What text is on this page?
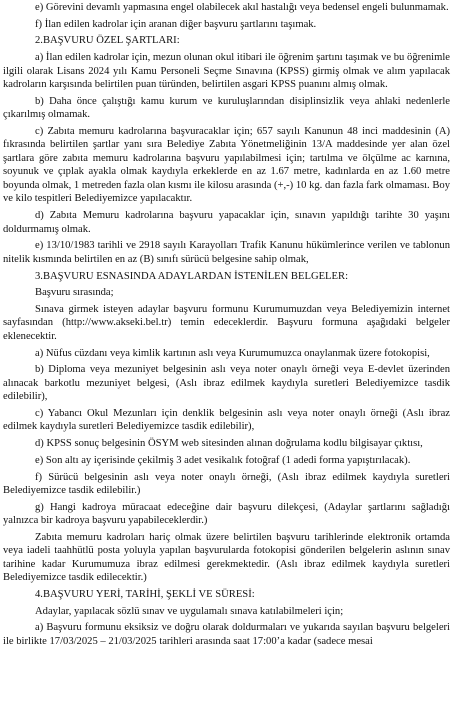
e) Görevini devamlı yapmasına engel olabilecek akıl hastalığı veya bedensel engeli bulunmamak.

f) İlan edilen kadrolar için aranan diğer başvuru şartlarını taşımak.

2.BAŞVURU ÖZEL ŞARTLARI:

a) İlan edilen kadrolar için, mezun olunan okul itibari ile öğrenim şartını taşımak ve bu öğrenimle ilgili olarak Lisans 2024 yılı Kamu Personeli Seçme Sınavına (KPSS) girmiş olmak ve alım yapılacak kadroların karşısında belirtilen puan türünden, belirtilen asgari KPSS puanını almış olmak.

b) Daha önce çalıştığı kamu kurum ve kuruluşlarından disiplinsizlik veya ahlaki nedenlerle çıkarılmış olmamak.

c) Zabıta memuru kadrolarına başvuracaklar için; 657 sayılı Kanunun 48 inci maddesinin (A) fıkrasında belirtilen şartlar yanı sıra Belediye Zabıta Yönetmeliğinin 13/A maddesinde yer alan özel şartlara göre zabıta memuru kadrolarına başvuru yapılabilmesi için; tartılma ve ölçülme ac karnına, soyunuk ve çıplak ayakla olmak kaydıyla erkeklerde en az 1.67 metre, kadınlarda en az 1.60 metre boyunda olmak, 1 metreden fazla olan kısmı ile kilosu arasında (+,-) 10 kg. dan fazla fark olmaması. Boy ve kilo tespitleri Belediyemizce yapılacaktır.

d) Zabıta Memuru kadrolarına başvuru yapacaklar için, sınavın yapıldığı tarihte 30 yaşını doldurmamış olmak.

e) 13/10/1983 tarihli ve 2918 sayılı Karayolları Trafik Kanunu hükümlerince verilen ve tablonun nitelik kısmında belirtilen en az (B) sınıfı sürücü belgesine sahip olmak,

3.BAŞVURU ESNASINDA ADAYLARDAN İSTENİLEN BELGELER:

Başvuru sırasında;

Sınava girmek isteyen adaylar başvuru formunu Kurumumuzdan veya Belediyemizin internet sayfasından (http://www.akseki.bel.tr) temin edeceklerdir. Başvuru formuna aşağıdaki belgeler eklenecektir.

a) Nüfus cüzdanı veya kimlik kartının aslı veya Kurumumuzca onaylanmak üzere fotokopisi,

b) Diploma veya mezuniyet belgesinin aslı veya noter onaylı örneği veya E-devlet üzerinden alınacak barkotlu mezuniyet belgesi, (Aslı ibraz edilmek kaydıyla suretleri Belediyemizce tasdik edilebilir),

c) Yabancı Okul Mezunları için denklik belgesinin aslı veya noter onaylı örneği (Aslı ibraz edilmek kaydıyla suretleri Belediyemizce tasdik edilebilir),

d) KPSS sonuç belgesinin ÖSYM web sitesinden alınan doğrulama kodlu bilgisayar çıktısı,

e) Son altı ay içerisinde çekilmiş 3 adet vesikalık fotoğraf (1 adedi forma yapıştırılacak).

f) Sürücü belgesinin aslı veya noter onaylı örneği, (Aslı ibraz edilmek kaydıyla suretleri Belediyemizce tasdik edilebilir.)

g) Hangi kadroya müracaat edeceğine dair başvuru dilekçesi, (Adaylar şartlarını sağladığı yalnızca bir kadroya başvuru yapabileceklerdir.)

Zabıta memuru kadroları hariç olmak üzere belirtilen başvuru tarihlerinde elektronik ortamda veya iadeli taahhütlü posta yoluyla yapılan başvurularda fotokopisi gönderilen belgelerin aslının sınav tarihine kadar Kurumumuza ibraz edilmesi gerekmektedir. (Aslı ibraz edilmek kaydıyla suretleri Belediyemizce tasdik edilecektir.)

4.BAŞVURU YERİ, TARİHİ, ŞEKLİ VE SÜRESİ:

Adaylar, yapılacak sözlü sınav ve uygulamalı sınava katılabilmeleri için;

a) Başvuru formunu eksiksiz ve doğru olarak doldurmaları ve yukarıda sayılan başvuru belgeleri ile birlikte 17/03/2025 – 21/03/2025 tarihleri arasında saat 17:00’a kadar (sadece mesai
